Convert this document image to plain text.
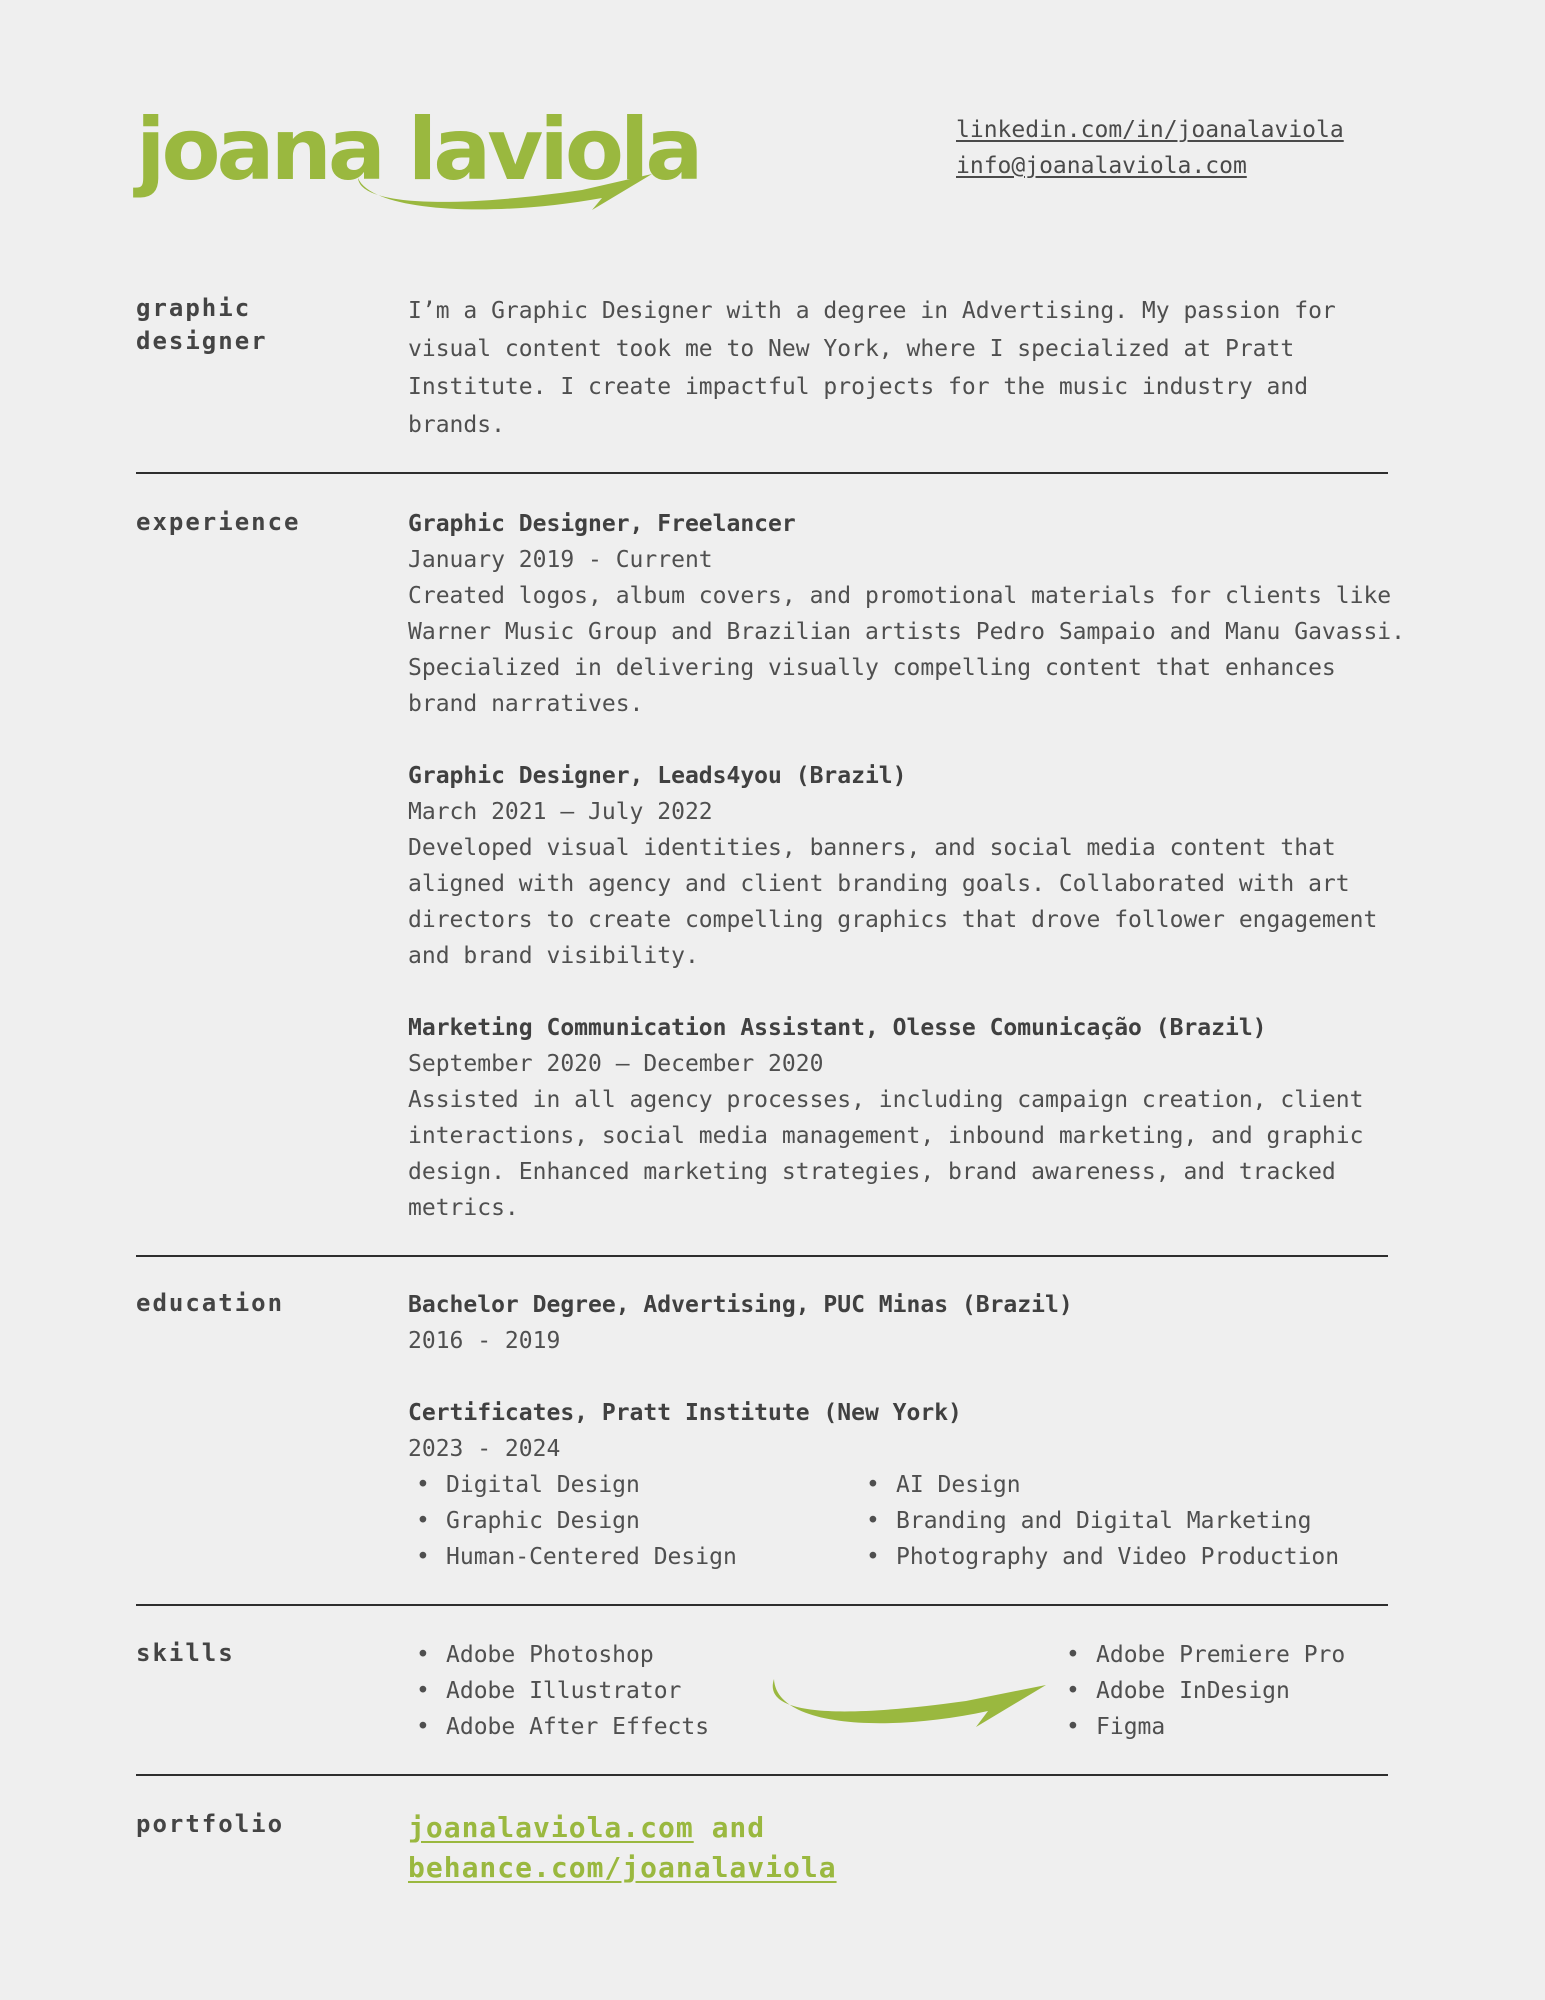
joana laviola	linkedin.com/in/joanalaviola
info@joanalaviola.com
graphic designer
I’m a Graphic Designer with a degree in Advertising. My passion for visual content took me to New York, where I specialized at Pratt Institute. I create impactful projects for the music industry and brands.
experience	Graphic Designer, Freelancer
January 2019 - Current
Created logos, album covers, and promotional materials for clients like Warner Music Group and Brazilian artists Pedro Sampaio and Manu Gavassi. Specialized in delivering visually compelling content that enhances brand narratives.
Graphic Designer, Leads4you (Brazil)
March 2021 – July 2022
Developed visual identities, banners, and social media content that aligned with agency and client branding goals. Collaborated with art directors to create compelling graphics that drove follower engagement and brand visibility.
Marketing Communication Assistant, Olesse Comunicação (Brazil)
September 2020 – December 2020
Assisted in all agency processes, including campaign creation, client interactions, social media management, inbound marketing, and graphic design. Enhanced marketing strategies, brand awareness, and tracked metrics.
education	Bachelor Degree, Advertising, PUC Minas (Brazil)
2016 - 2019
Certificates, Pratt Institute (New York)
2023 - 2024
• Digital Design
• Graphic Design
• Human-Centered Design
• AI Design
• Branding and Digital Marketing
• Photography and Video Production
skills
•	Adobe Photoshop
• Adobe Illustrator
• Adobe After Effects
• Adobe Premiere Pro
• Adobe InDesign
• Figma
portfolio	joanalaviola.com and
behance.com/joanalaviola
